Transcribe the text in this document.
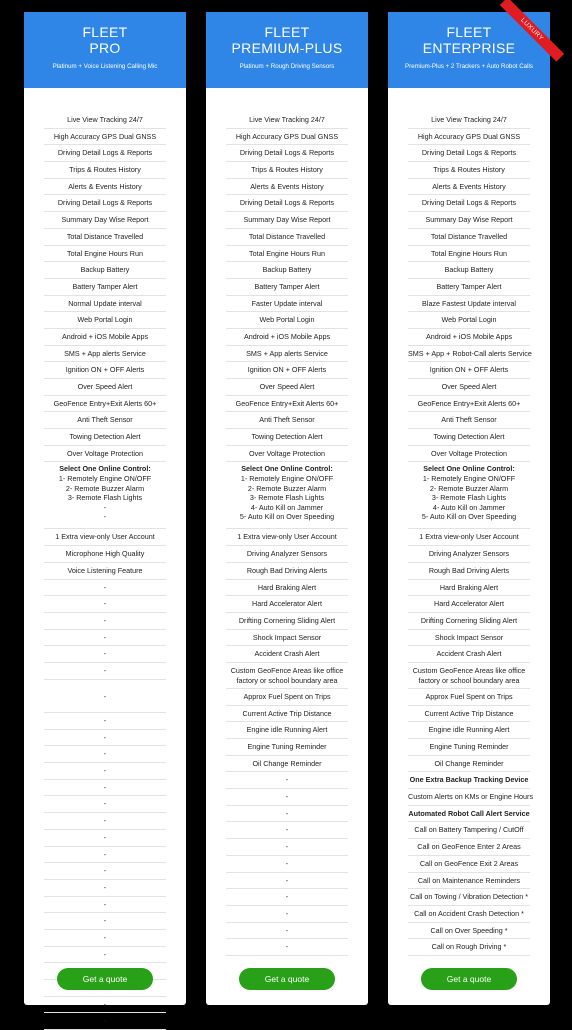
FLEET
PRO
Platinum + Voice Listening Calling Mic
Live View Tracking 24/7
High Accuracy GPS Dual GNSS
Driving Detail Logs & Reports
Trips & Routes History
Alerts & Events History
Driving Detail Logs & Reports
Summary Day Wise Report
Total Distance Travelled
Total Engine Hours Run
Backup Battery
Battery Tamper Alert
Normal Update interval
Web Portal Login
Android + iOS Mobile Apps
SMS + App alerts Service
Ignition ON + OFF Alerts
Over Speed Alert
GeoFence Entry+Exit Alerts 60+
Anti Theft Sensor
Towing Detection Alert
Over Voltage Protection
Select One Online Control:
1- Remotely Engine ON/OFF
2- Remote Buzzer Alarm
3- Remote Flash Lights
-
-
1 Extra view-only User Account
Microphone High Quality
Voice Listening Feature
-
-
-
-
-
-
-
-
-
-
-
-
-
-
-
-
-
-
-
-
-
-
-
-
Get a quote
FLEET
PREMIUM-PLUS
Platinum + Rough Driving Sensors
Live View Tracking 24/7
High Accuracy GPS Dual GNSS
Driving Detail Logs & Reports
Trips & Routes History
Alerts & Events History
Driving Detail Logs & Reports
Summary Day Wise Report
Total Distance Travelled
Total Engine Hours Run
Backup Battery
Battery Tamper Alert
Faster Update interval
Web Portal Login
Android + iOS Mobile Apps
SMS + App alerts Service
Ignition ON + OFF Alerts
Over Speed Alert
GeoFence Entry+Exit Alerts 60+
Anti Theft Sensor
Towing Detection Alert
Over Voltage Protection
Select One Online Control:
1- Remotely Engine ON/OFF
2- Remote Buzzer Alarm
3- Remote Flash Lights
4- Auto Kill on Jammer
5- Auto Kill on Over Speeding
1 Extra view-only User Account
Driving Analyzer Sensors
Rough Bad Driving Alerts
Hard Braking Alert
Hard Accelerator Alert
Drifting Cornering Sliding Alert
Shock Impact Sensor
Accident Crash Alert
Custom GeoFence Areas like office
factory or school boundary area
Approx Fuel Spent on Trips
Current Active Trip Distance
Engine idle Running Alert
Engine Tuning Reminder
Oil Change Reminder
-
-
-
-
-
-
-
-
-
-
-
Get a quote
FLEET
ENTERPRISE
Premium-Plus + 2 Trackers + Auto Robot Calls
LUXURY
Live View Tracking 24/7
High Accuracy GPS Dual GNSS
Driving Detail Logs & Reports
Trips & Routes History
Alerts & Events History
Driving Detail Logs & Reports
Summary Day Wise Report
Total Distance Travelled
Total Engine Hours Run
Backup Battery
Battery Tamper Alert
Blaze Fastest Update interval
Web Portal Login
Android + iOS Mobile Apps
SMS + App + Robot-Call alerts Service
Ignition ON + OFF Alerts
Over Speed Alert
GeoFence Entry+Exit Alerts 60+
Anti Theft Sensor
Towing Detection Alert
Over Voltage Protection
Select One Online Control:
1- Remotely Engine ON/OFF
2- Remote Buzzer Alarm
3- Remote Flash Lights
4- Auto Kill on Jammer
5- Auto Kill on Over Speeding
1 Extra view-only User Account
Driving Analyzer Sensors
Rough Bad Driving Alerts
Hard Braking Alert
Hard Accelerator Alert
Drifting Cornering Sliding Alert
Shock Impact Sensor
Accident Crash Alert
Custom GeoFence Areas like office
factory or school boundary area
Approx Fuel Spent on Trips
Current Active Trip Distance
Engine idle Running Alert
Engine Tuning Reminder
Oil Change Reminder
One Extra Backup Tracking Device
Custom Alerts on KMs or Engine Hours
Automated Robot Call Alert Service
Call on Battery Tampering / CutOff
Call on GeoFence Enter 2 Areas
Call on GeoFence Exit 2 Areas
Call on Maintenance Reminders
Call on Towing / Vibration Detection *
Call on Accident Crash Detection *
Call on Over Speeding *
Call on Rough Driving *
Get a quote
